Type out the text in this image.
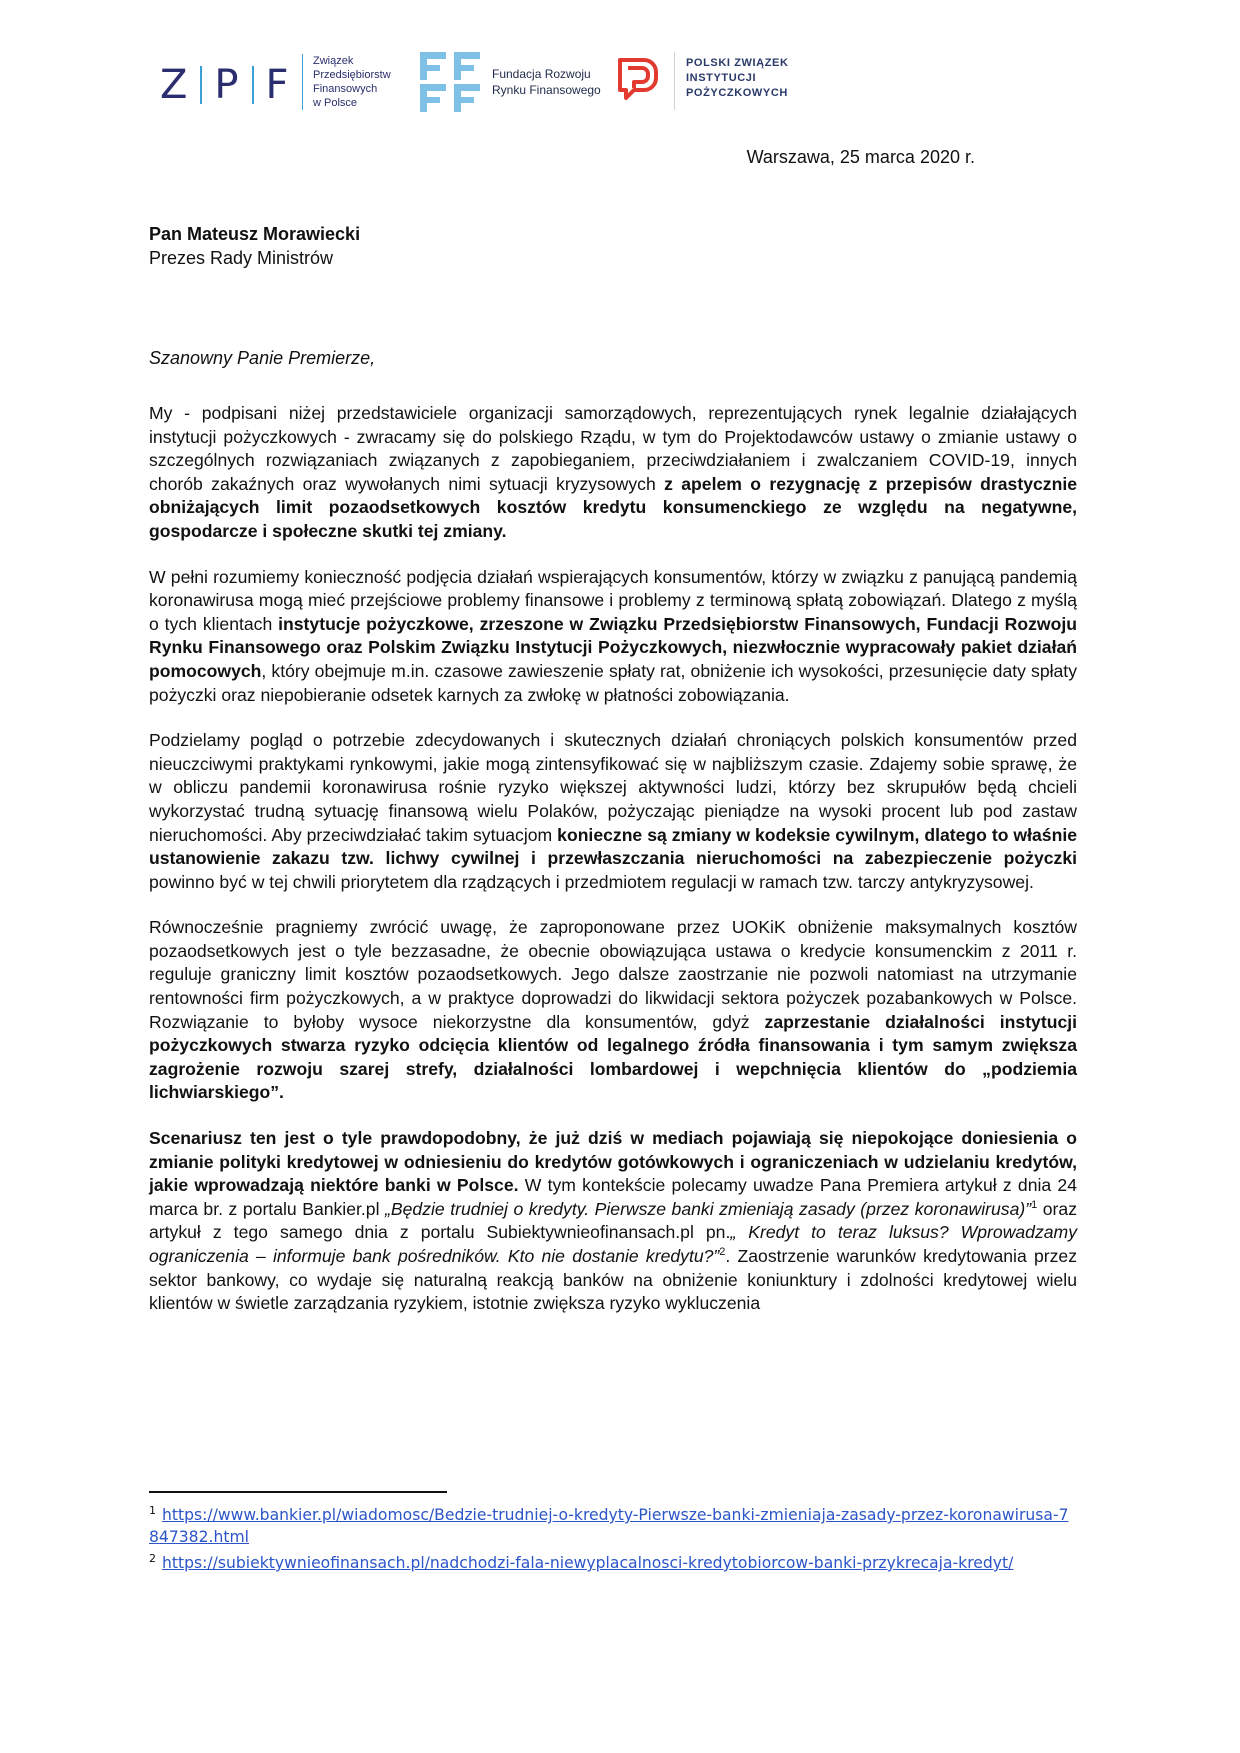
Z P F
Związek
Przedsiębiorstw
Finansowych
w Polsce
Fundacja Rozwoju
Rynku Finansowego
POLSKI ZWIĄZEK
INSTYTUCJI
POŻYCZKOWYCH
Warszawa, 25 marca 2020 r.
Pan Mateusz Morawiecki
Prezes Rady Ministrów
Szanowny Panie Premierze,

My - podpisani niżej przedstawiciele organizacji samorządowych, reprezentujących rynek legalnie działających instytucji pożyczkowych - zwracamy się do polskiego Rządu, w tym do Projektodawców ustawy o zmianie ustawy o szczególnych rozwiązaniach związanych z zapobieganiem, przeciwdziałaniem i zwalczaniem COVID-19, innych chorób zakaźnych oraz wywołanych nimi sytuacji kryzysowych z apelem o rezygnację z przepisów drastycznie obniżających limit pozaodsetkowych kosztów kredytu konsumenckiego ze względu na negatywne, gospodarcze i społeczne skutki tej zmiany.

W pełni rozumiemy konieczność podjęcia działań wspierających konsumentów, którzy w związku z panującą pandemią koronawirusa mogą mieć przejściowe problemy finansowe i problemy z terminową spłatą zobowiązań. Dlatego z myślą o tych klientach instytucje pożyczkowe, zrzeszone w Związku Przedsiębiorstw Finansowych, Fundacji Rozwoju Rynku Finansowego oraz Polskim Związku Instytucji Pożyczkowych, niezwłocznie wypracowały pakiet działań pomocowych, który obejmuje m.in. czasowe zawieszenie spłaty rat, obniżenie ich wysokości, przesunięcie daty spłaty pożyczki oraz niepobieranie odsetek karnych za zwłokę w płatności zobowiązania.

Podzielamy pogląd o potrzebie zdecydowanych i skutecznych działań chroniących polskich konsumentów przed nieuczciwymi praktykami rynkowymi, jakie mogą zintensyfikować się w najbliższym czasie. Zdajemy sobie sprawę, że w obliczu pandemii koronawirusa rośnie ryzyko większej aktywności ludzi, którzy bez skrupułów będą chcieli wykorzystać trudną sytuację finansową wielu Polaków, pożyczając pieniądze na wysoki procent lub pod zastaw nieruchomości. Aby przeciwdziałać takim sytuacjom konieczne są zmiany w kodeksie cywilnym, dlatego to właśnie ustanowienie zakazu tzw. lichwy cywilnej i przewłaszczania nieruchomości na zabezpieczenie pożyczki powinno być w tej chwili priorytetem dla rządzących i przedmiotem regulacji w ramach tzw. tarczy antykryzysowej.

Równocześnie pragniemy zwrócić uwagę, że zaproponowane przez UOKiK obniżenie maksymalnych kosztów pozaodsetkowych jest o tyle bezzasadne, że obecnie obowiązująca ustawa o kredycie konsumenckim z 2011 r. reguluje graniczny limit kosztów pozaodsetkowych. Jego dalsze zaostrzanie nie pozwoli natomiast na utrzymanie rentowności firm pożyczkowych, a w praktyce doprowadzi do likwidacji sektora pożyczek pozabankowych w Polsce. Rozwiązanie to byłoby wysoce niekorzystne dla konsumentów, gdyż zaprzestanie działalności instytucji pożyczkowych stwarza ryzyko odcięcia klientów od legalnego źródła finansowania i tym samym zwiększa zagrożenie rozwoju szarej strefy, działalności lombardowej i wepchnięcia klientów do „podziemia lichwiarskiego”.

Scenariusz ten jest o tyle prawdopodobny, że już dziś w mediach pojawiają się niepokojące doniesienia o zmianie polityki kredytowej w odniesieniu do kredytów gotówkowych i ograniczeniach w udzielaniu kredytów, jakie wprowadzają niektóre banki w Polsce. W tym kontekście polecamy uwadze Pana Premiera artykuł z dnia 24 marca br. z portalu Bankier.pl „Będzie trudniej o kredyty. Pierwsze banki zmieniają zasady (przez koronawirusa)”$^1$ oraz artykuł z tego samego dnia z portalu Subiektywnieofinansach.pl pn.„ Kredyt to teraz luksus? Wprowadzamy ograniczenia – informuje bank pośredników. Kto nie dostanie kredytu?”$^2$. Zaostrzenie warunków kredytowania przez sektor bankowy, co wydaje się naturalną reakcją banków na obniżenie koniunktury i zdolności kredytowej wielu klientów w świetle zarządzania ryzykiem, istotnie zwiększa ryzyko wykluczenia

$^1$ https://www.bankier.pl/wiadomosc/Bedzie-trudniej-o-kredyty-Pierwsze-banki-zmieniaja-zasady-przez-koronawirusa-7847382.html
$^2$ https://subiektywnieofinansach.pl/nadchodzi-fala-niewyplacalnosci-kredytobiorcow-banki-przykrecaja-kredyt/
